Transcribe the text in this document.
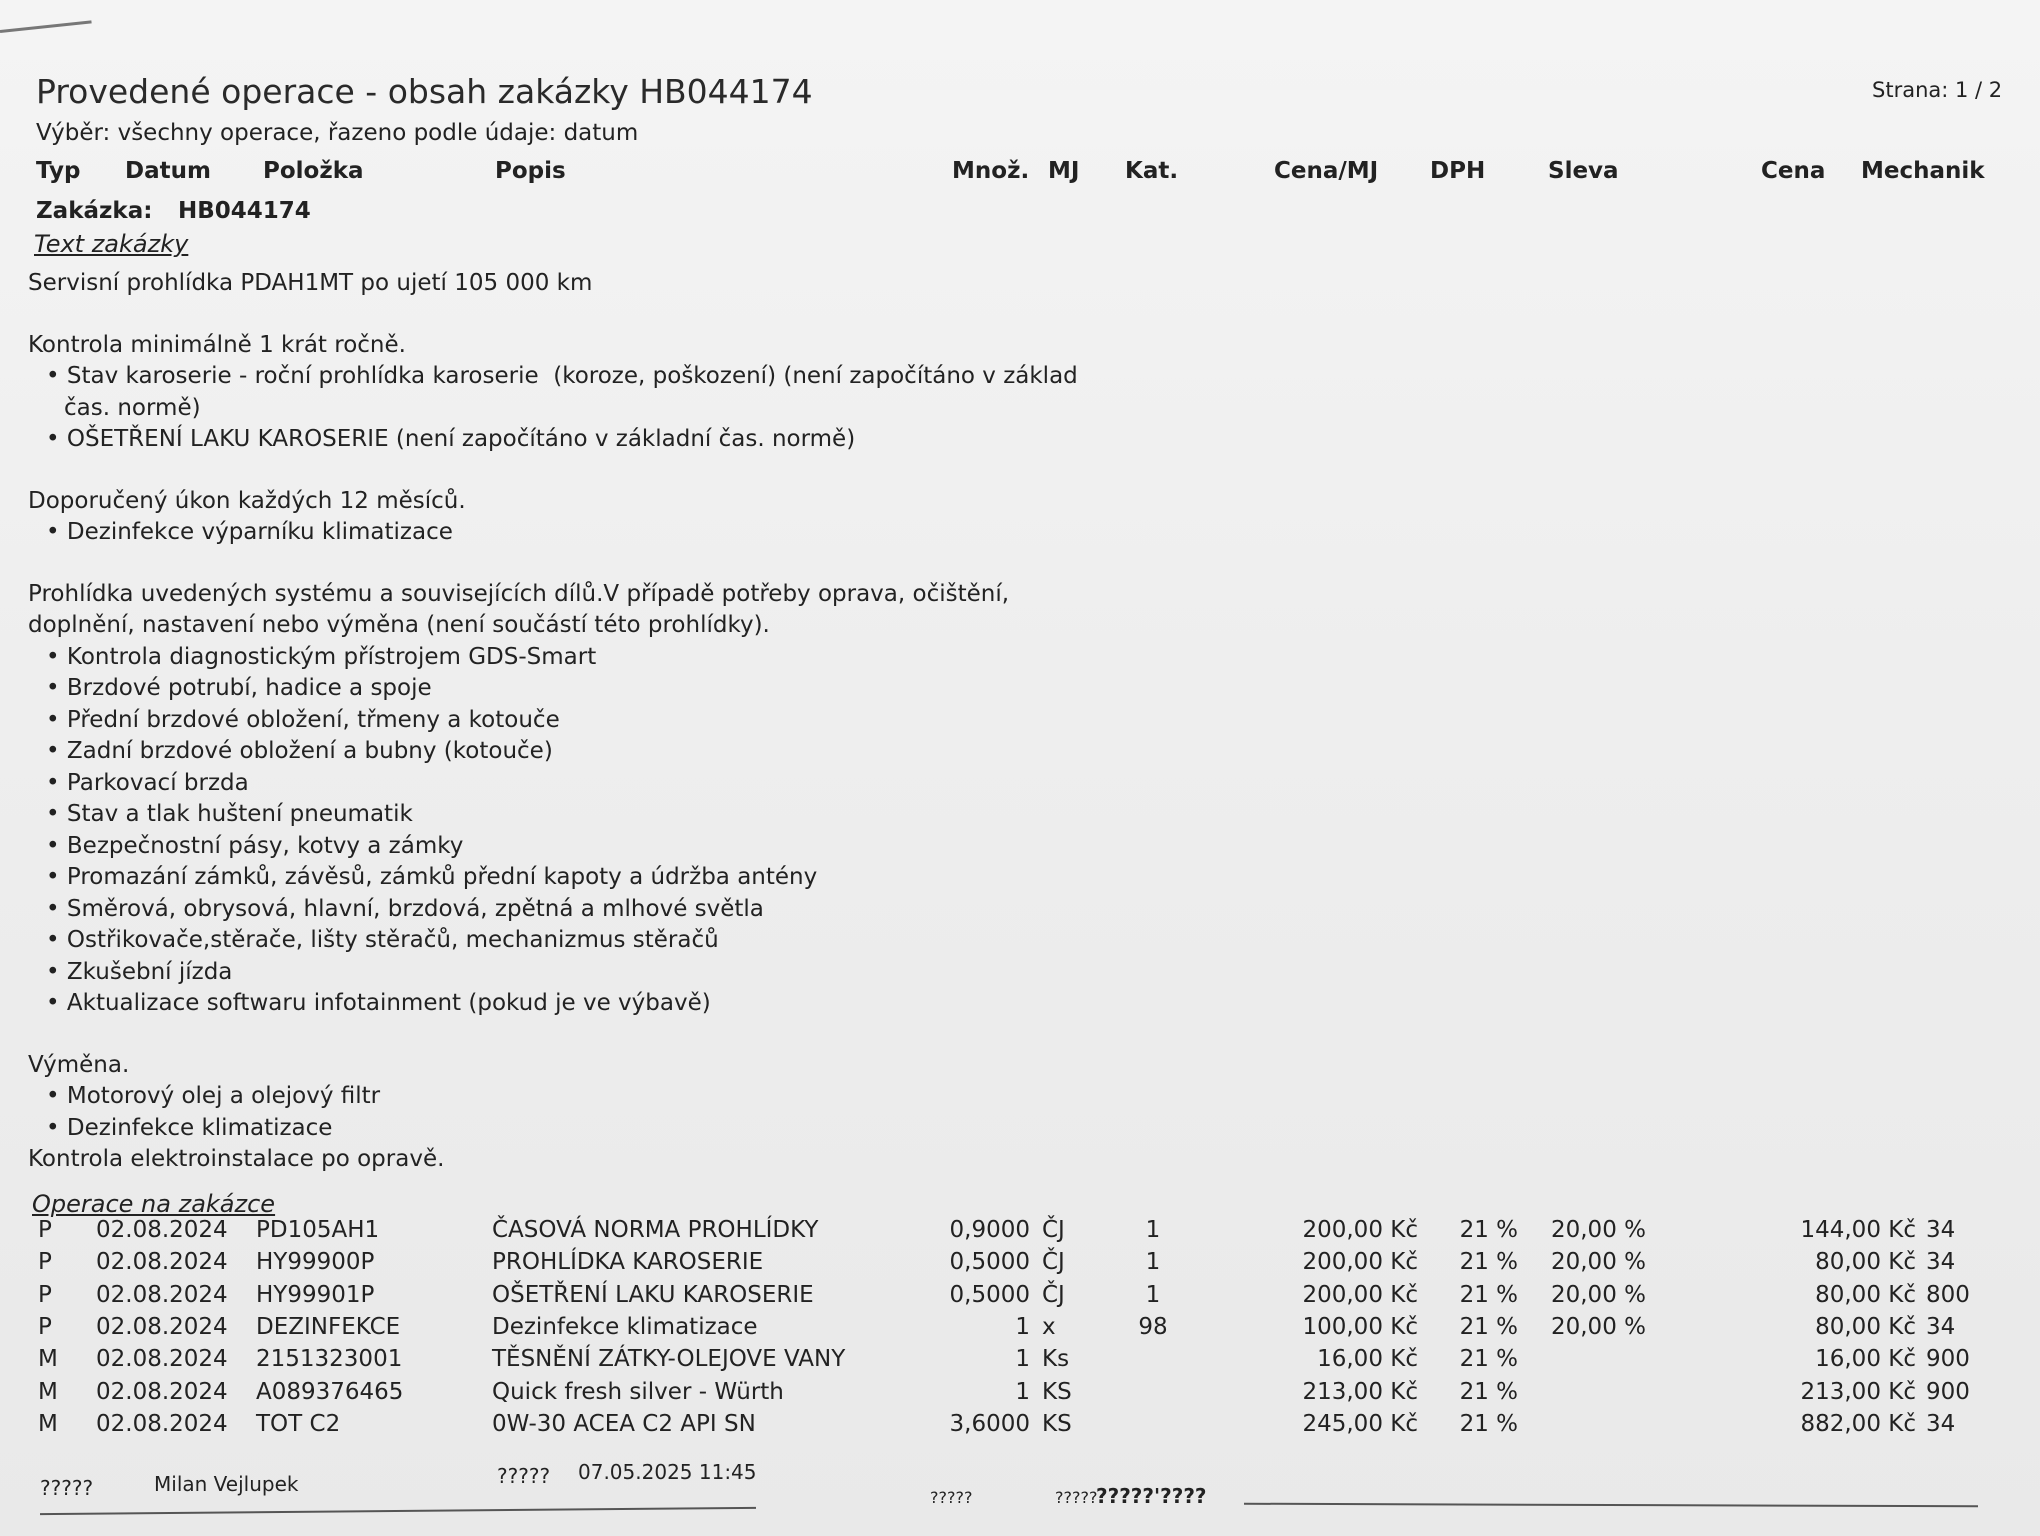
Provedené operace - obsah zakázky HB044174	Strana: 1 / 2
Výběr: všechny operace, řazeno podle údaje: datum
Typ Datum Položka	Popis	Množ. MJ Kat.	Cena/MJ DPH	Sleva	Cena Mechanik
Zakázka: HB044174
Text zakázky
Servisní prohlídka PDAH1MT po ujetí 105 000 km
Kontrola minimálně 1 krát ročně.
• Stav karoserie - roční prohlídka karoserie  (koroze, poškození) (není započítáno v základ
čas. normě)
• OŠETŘENÍ LAKU KAROSERIE (není započítáno v základní čas. normě)
Doporučený úkon každých 12 měsíců.
• Dezinfekce výparníku klimatizace
Prohlídka uvedených systému a souvisejících dílů.V případě potřeby oprava, očištění,
doplnění, nastavení nebo výměna (není součástí této prohlídky).
• Kontrola diagnostickým přístrojem GDS-Smart
• Brzdové potrubí, hadice a spoje
• Přední brzdové obložení, třmeny a kotouče
• Zadní brzdové obložení a bubny (kotouče)
• Parkovací brzda
• Stav a tlak huštení pneumatik
• Bezpečnostní pásy, kotvy a zámky
• Promazání zámků, závěsů, zámků přední kapoty a údržba antény
• Směrová, obrysová, hlavní, brzdová, zpětná a mlhové světla
• Ostřikovače,stěrače, lišty stěračů, mechanizmus stěračů
• Zkušební jízda
• Aktualizace softwaru infotainment (pokud je ve výbavě)
Výměna.
• Motorový olej a olejový filtr
• Dezinfekce klimatizace
Kontrola elektroinstalace po opravě.
Operace na zakázce
P	02.08.2024	PD105AH1	ČASOVÁ NORMA PROHLÍDKY	0,9000	ČJ	1	200,00 Kč	21 %	20,00 %	144,00 Kč	34
P	02.08.2024	HY99900P	PROHLÍDKA KAROSERIE	0,5000	ČJ	1	200,00 Kč	21 %	20,00 %	80,00 Kč	34
P	02.08.2024	HY99901P	OŠETŘENÍ LAKU KAROSERIE	0,5000	ČJ	1	200,00 Kč	21 %	20,00 %	80,00 Kč	800
P	02.08.2024	DEZINFEKCE	Dezinfekce klimatizace	1	x	98	100,00 Kč	21 %	20,00 %	80,00 Kč	34
M	02.08.2024	2151323001	TĚSNĚNÍ ZÁTKY-OLEJOVE VANY	1	Ks		16,00 Kč	21 %		16,00 Kč	900
M	02.08.2024	A089376465	Quick fresh silver - Würth	1	KS		213,00 Kč	21 %		213,00 Kč	900
M	02.08.2024	TOT C2	0W-30 ACEA C2 API SN	3,6000	KS		245,00 Kč	21 %		882,00 Kč	34
?????	Milan Vejlupek	????? 07.05.2025 11:45
?????	?????
?????'????
